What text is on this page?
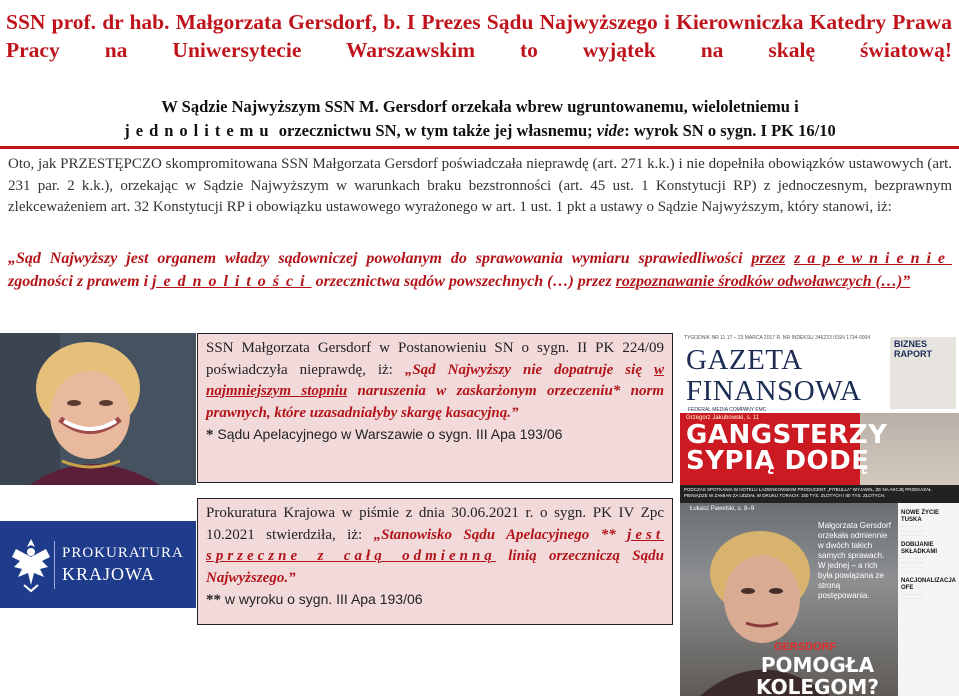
SSN prof. dr hab. Małgorzata Gersdorf, b. I Prezes Sądu Najwyższego i Kierowniczka Katedry Prawa Pracy na Uniwersytecie Warszawskim to wyjątek na skalę światową!
W Sądzie Najwyższym SSN M. Gersdorf orzekała wbrew ugruntowanemu, wieloletniemu i
jednolitemu orzecznictwu SN, w tym także jej własnemu; vide: wyrok SN o sygn. I PK 16/10
Oto, jak PRZESTĘPCZO skompromitowana SSN Małgorzata Gersdorf poświadczała nieprawdę (art. 271 k.k.) i nie dopełniła obowiązków ustawowych (art. 231 par. 2 k.k.), orzekając w Sądzie Najwyższym w warunkach braku bezstronności (art. 45 ust. 1 Konstytucji RP) z jednoczesnym, bezprawnym zlekceważeniem art. 32 Konstytucji RP i obowiązku ustawowego wyrażonego w art. 1 ust. 1 pkt a ustawy o Sądzie Najwyższym, który stanowi, iż:
„Sąd Najwyższy jest organem władzy sądowniczej powołanym do sprawowania wymiaru sprawiedliwości przez zapewnienie zgodności z prawem i jednolitości orzecznictwa sądów powszechnych (…) przez rozpoznawanie środków odwoławczych (…)”
SSN Małgorzata Gersdorf w Postanowieniu SN o sygn. II PK 224/09 poświadczyła nieprawdę, iż: „Sąd Najwyższy nie dopatruje się w najmniejszym stopniu naruszenia w zaskarżonym orzeczeniu* norm prawnych, które uzasadniałyby skargę kasacyjną.”
* Sądu Apelacyjnego w Warszawie o sygn. III Apa 193/06
PROKURATURA
KRAJOWA
Prokuratura Krajowa w piśmie z dnia 30.06.2021 r. o sygn. PK IV Zpc 10.2021 stwierdziła, iż: „Stanowisko Sądu Apelacyjnego ** jest sprzeczne z całą odmienną linią orzeczniczą Sądu Najwyższego.”
** w wyroku o sygn. III Apa 193/06
TYGODNIK NR 11 17 – 23 MARCA 2017 R. NR INDEKSU 346233 ISSN 1734-0004
GAZETA
FINANSOWA
FEDERAL MEDIA COMPANY FMC
BIZNES RAPORT
Grzegorz Jakubowski, s. 11
GANGSTERZY
SYPIĄ DODĘ
PODCZAS SPOTKANIA W HOTELU ŁAZIENKOWSKIM PRODUCENT „PITBULLA” WYJAWIŁ, ŻE NA AKCJĘ PRZEKAZAŁ PIENIĄDZE W ZAMIAN ZA UDZIAŁ W DRUKU TORACH: 150 TYS. ZŁOTYCH I 80 TYS. ZŁOTYCH.
Łukasz Pawelski, s. 8–9
Małgorzata Gersdorf orzekała odmiennie w dwóch takich samych sprawach. W jednej – a rich była powiązana ze stroną postępowania.
GERSDORF
POMOGŁA
KOLEGOM?
NOWE ŻYCIE TUSKA
. . . . . . . . . . . .
. . . . . . . . . . . .
. . . . . . . . . . . .
DOBIJANIE SKŁADKAMI
. . . . . . . . . . . .
. . . . . . . . . . . .
. . . . . . . . . . . .
. . . . . . . . . . . .
NACJONALIZACJA OFE
. . . . . . . . . . . .
. . . . . . . . . . . .
